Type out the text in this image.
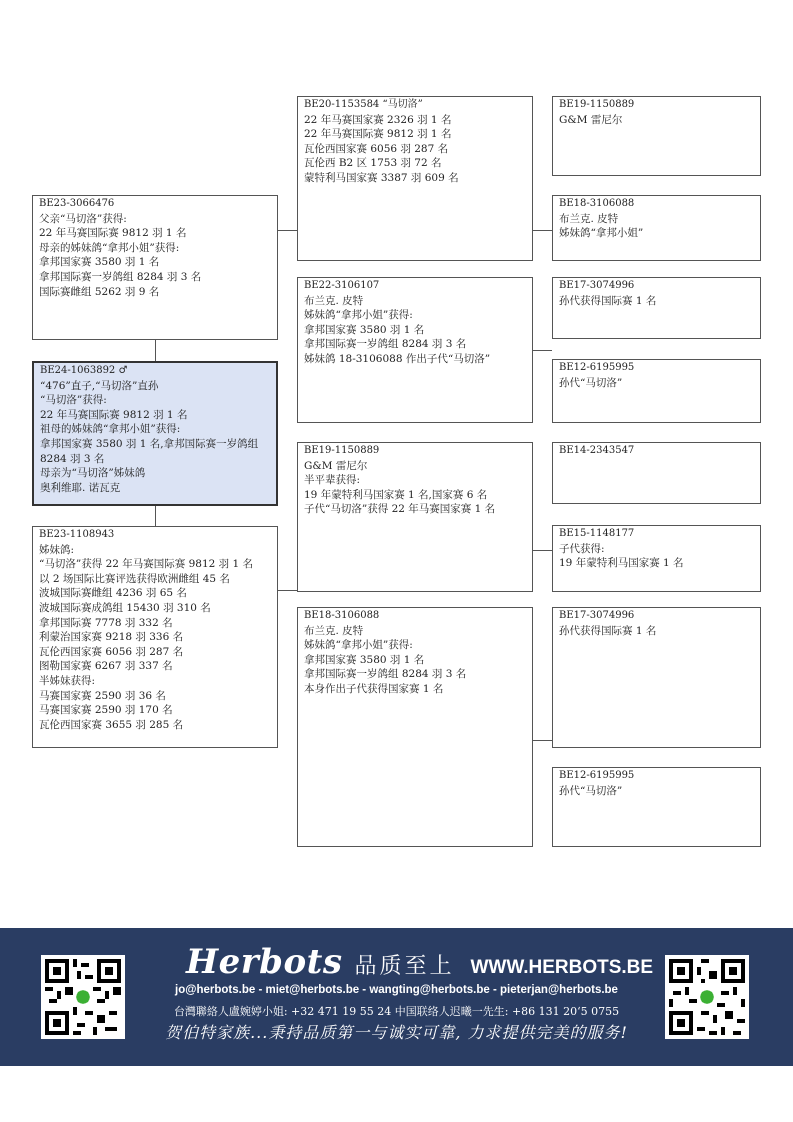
BE23-3066476
父亲“马切洛”获得:
22 年马赛国际赛 9812 羽 1 名
母亲的姊妹鸽“拿邦小姐”获得:
拿邦国家赛 3580 羽 1 名
拿邦国际赛一岁鸽组 8284 羽 3 名
国际赛雌组 5262 羽 9 名
BE24-1063892 ♂
“476”直子,“马切洛”直孙
“马切洛”获得:
22 年马赛国际赛 9812 羽 1 名
祖母的姊妹鸽“拿邦小姐”获得:
拿邦国家赛 3580 羽 1 名,拿邦国际赛一岁鸽组 8284 羽 3 名
母亲为“马切洛”姊妹鸽
奥利维耶. 诺瓦克
BE23-1108943
姊妹鸽:
“马切洛”获得 22 年马赛国际赛 9812 羽 1 名
以 2 场国际比赛评选获得欧洲雌组 45 名
波城国际赛雌组 4236 羽 65 名
波城国际赛成鸽组 15430 羽 310 名
拿邦国际赛 7778 羽 332 名
利蒙治国家赛 9218 羽 336 名
瓦伦西国家赛 6056 羽 287 名
图勒国家赛 6267 羽 337 名
半姊妹获得:
马赛国家赛 2590 羽 36 名
马赛国家赛 2590 羽 170 名
瓦伦西国家赛 3655 羽 285 名
BE20-1153584 “马切洛”
22 年马赛国家赛 2326 羽 1 名
22 年马赛国际赛 9812 羽 1 名
瓦伦西国家赛 6056 羽 287 名
瓦伦西 B2 区 1753 羽 72 名
蒙特利马国家赛 3387 羽 609 名
BE22-3106107
布兰克. 皮特
姊妹鸽“拿邦小姐”获得:
拿邦国家赛 3580 羽 1 名
拿邦国际赛一岁鸽组 8284 羽 3 名
姊妹鸽 18-3106088 作出子代“马切洛”
BE19-1150889
G&M 雷尼尔
半平辈获得:
19 年蒙特利马国家赛 1 名,国家赛 6 名
子代“马切洛”获得 22 年马赛国家赛 1 名
BE18-3106088
布兰克. 皮特
姊妹鸽“拿邦小姐”获得:
拿邦国家赛 3580 羽 1 名
拿邦国际赛一岁鸽组 8284 羽 3 名
本身作出子代获得国家赛 1 名
BE19-1150889
G&M 雷尼尔
BE18-3106088
布兰克. 皮特
姊妹鸽“拿邦小姐”
BE17-3074996
孙代获得国际赛 1 名
BE12-6195995
孙代“马切洛”
BE14-2343547
BE15-1148177
子代获得:
19 年蒙特利马国家赛 1 名
BE17-3074996
孙代获得国际赛 1 名
BE12-6195995
孙代“马切洛”
Herbots 品质至上 WWW.HERBOTS.BE
jo@herbots.be - miet@herbots.be - wangting@herbots.be - pieterjan@herbots.be
台灣聯絡人盧婉婷小姐: +32 471 19 55 24 中国联络人迟曦一先生: +86 131 20‘5 0755
贺伯特家族...秉持品质第一与诚实可靠, 力求提供完美的服务!
